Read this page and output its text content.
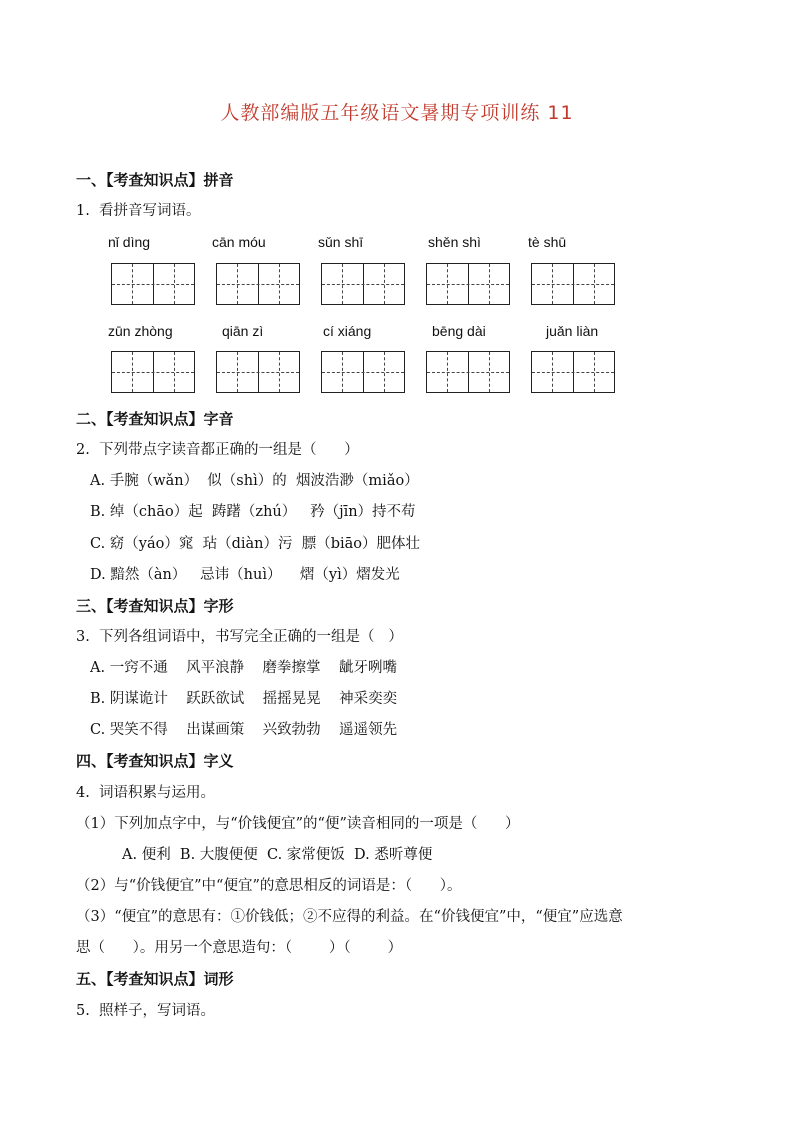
人教部编版五年级语文暑期专项训练 11
一、【考查知识点】拼音
1.  看拼音写词语。
nǐ dìng	cān móu	sǔn shī	shěn shì	tè shū
zūn zhòng	qiān zì	cí xiáng	bēng dài	juǎn liàn
二、【考查知识点】字音
2.  下列带点字读音都正确的一组是（      ）
A. 手腕（wǎn）  似（shì）的  烟波浩渺（miǎo）
B. 绰（chāo）起  踌躇（zhú）   矜（jīn）持不苟
C. 窈（yáo）窕  玷（diàn）污  膘（biāo）肥体壮
D. 黯然（àn）   忌讳（huì）    熠（yì）熠发光
三、【考查知识点】字形
3.  下列各组词语中，书写完全正确的一组是（   ）
A. 一窍不通    风平浪静    磨拳擦掌    龇牙咧嘴
B. 阴谋诡计    跃跃欲试    摇摇晃晃    神采奕奕
C. 哭笑不得    出谋画策    兴致勃勃    遥遥领先
四、【考查知识点】字义
4.  词语积累与运用。
（1）下列加点字中，与“价钱便宜”的“便”读音相同的一项是（      ）
A. 便利  B. 大腹便便  C. 家常便饭  D. 悉听尊便
（2）与“价钱便宜”中“便宜”的意思相反的词语是：（      ）。
（3）“便宜”的意思有：①价钱低；②不应得的利益。在“价钱便宜”中，“便宜”应选意
思（      ）。用另一个意思造句：（        ）（        ）
五、【考查知识点】词形
5.  照样子，写词语。
